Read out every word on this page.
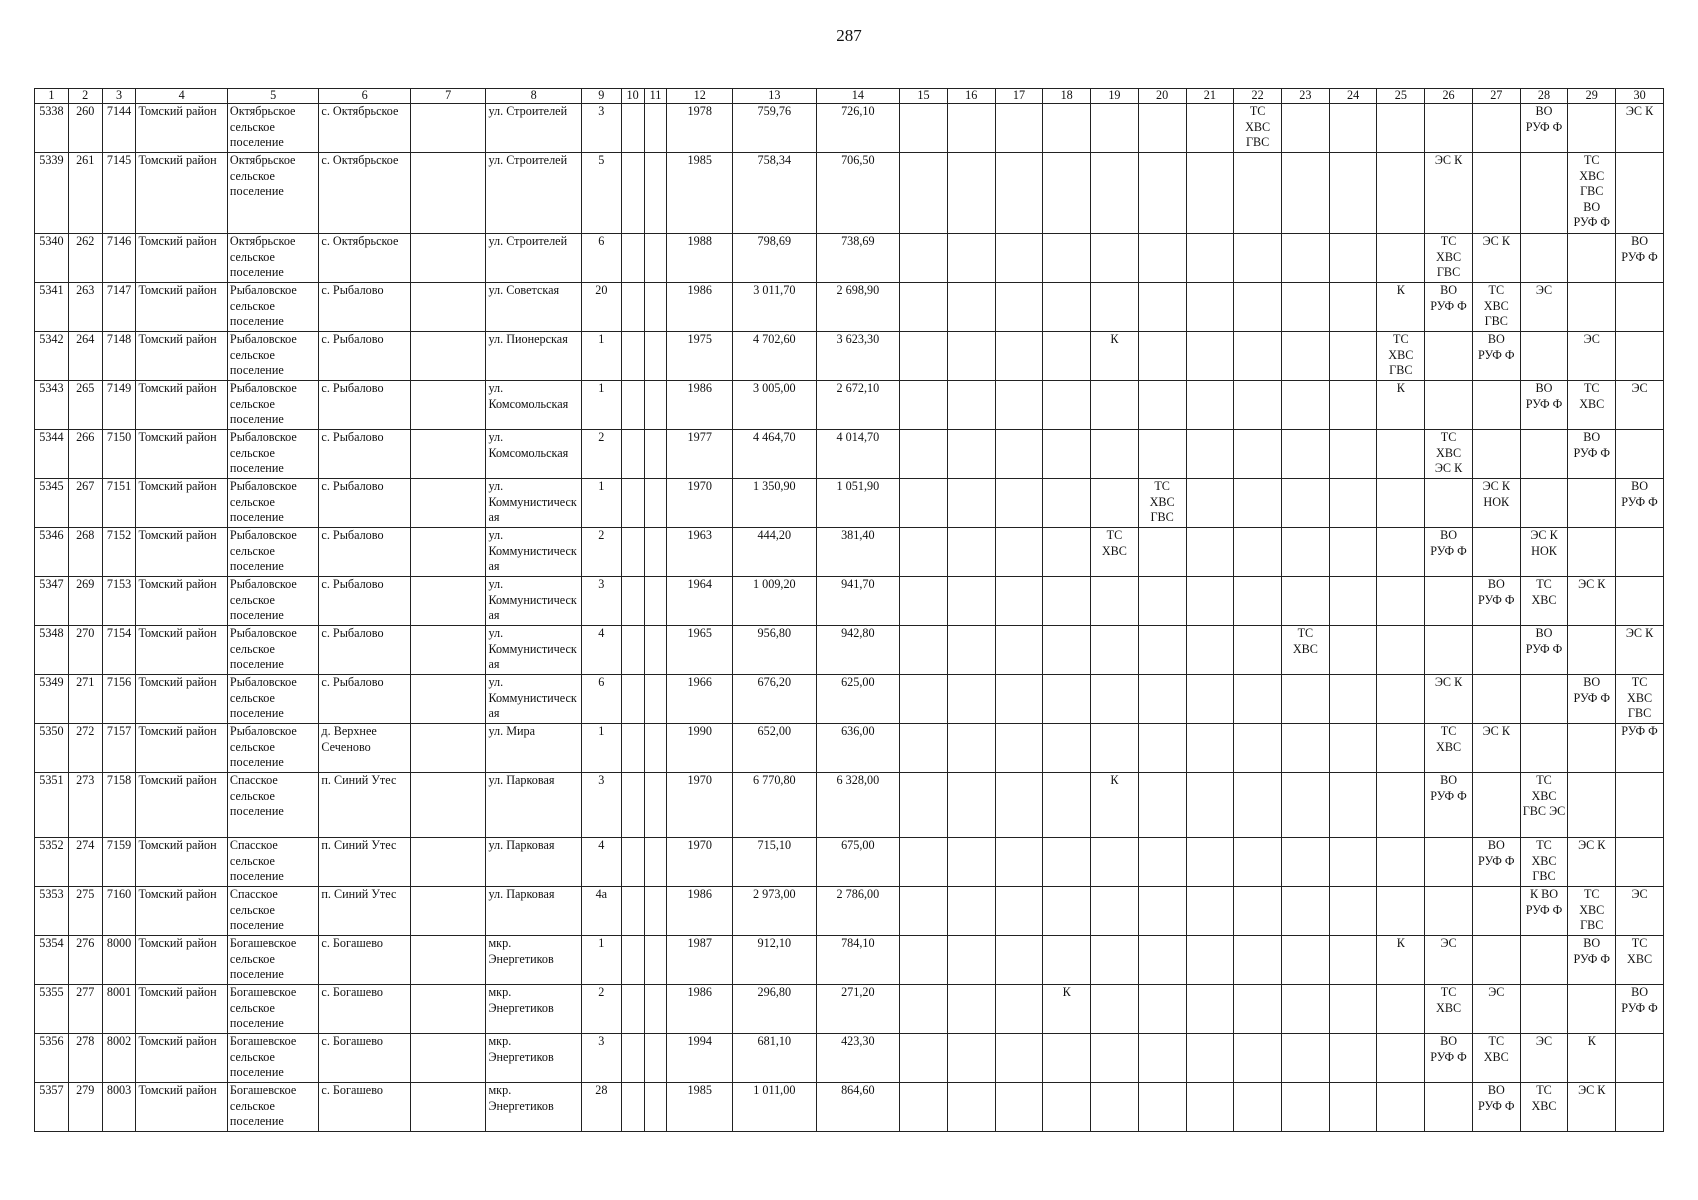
287
1	2	3	4	5	6	7	8	9	10	11	12	13	14	15	16	17	18	19	20	21	22	23	24	25	26	27	28	29	30
5338	260	7144	Томский район	Октябрьское сельское поселение	с. Октябрьское		ул. Строителей	3			1978	759,76	726,10								ТС ХВС ГВС						ВО РУФ Ф		ЭС К
5339	261	7145	Томский район	Октябрьское сельское поселение	с. Октябрьское		ул. Строителей	5			1985	758,34	706,50												ЭС К			ТС ХВС ГВС ВО РУФ Ф	
5340	262	7146	Томский район	Октябрьское сельское поселение	с. Октябрьское		ул. Строителей	6			1988	798,69	738,69												ТС ХВС ГВС	ЭС К			ВО РУФ Ф
5341	263	7147	Томский район	Рыбаловское сельское поселение	с. Рыбалово		ул. Советская	20			1986	3 011,70	2 698,90											К	ВО РУФ Ф	ТС ХВС ГВС	ЭС		
5342	264	7148	Томский район	Рыбаловское сельское поселение	с. Рыбалово		ул. Пионерская	1			1975	4 702,60	3 623,30					К						ТС ХВС ГВС		ВО РУФ Ф		ЭС	
5343	265	7149	Томский район	Рыбаловское сельское поселение	с. Рыбалово		ул. Комсомольская	1			1986	3 005,00	2 672,10											К			ВО РУФ Ф	ТС ХВС	ЭС
5344	266	7150	Томский район	Рыбаловское сельское поселение	с. Рыбалово		ул. Комсомольская	2			1977	4 464,70	4 014,70												ТС ХВС ЭС К			ВО РУФ Ф	
5345	267	7151	Томский район	Рыбаловское сельское поселение	с. Рыбалово		ул. Коммунистическая	1			1970	1 350,90	1 051,90						ТС ХВС ГВС							ЭС К НОК			ВО РУФ Ф
5346	268	7152	Томский район	Рыбаловское сельское поселение	с. Рыбалово		ул. Коммунистическая	2			1963	444,20	381,40					ТС ХВС							ВО РУФ Ф		ЭС К НОК		
5347	269	7153	Томский район	Рыбаловское сельское поселение	с. Рыбалово		ул. Коммунистическая	3			1964	1 009,20	941,70													ВО РУФ Ф	ТС ХВС	ЭС К	
5348	270	7154	Томский район	Рыбаловское сельское поселение	с. Рыбалово		ул. Коммунистическая	4			1965	956,80	942,80									ТС ХВС					ВО РУФ Ф		ЭС К
5349	271	7156	Томский район	Рыбаловское сельское поселение	с. Рыбалово		ул. Коммунистическая	6			1966	676,20	625,00												ЭС К			ВО РУФ Ф	ТС ХВС ГВС
5350	272	7157	Томский район	Рыбаловское сельское поселение	д. Верхнее Сеченово		ул. Мира	1			1990	652,00	636,00												ТС ХВС	ЭС К			РУФ Ф
5351	273	7158	Томский район	Спасское сельское поселение	п. Синий Утес		ул. Парковая	3			1970	6 770,80	6 328,00					К							ВО РУФ Ф		ТС ХВС ГВС ЭС		
5352	274	7159	Томский район	Спасское сельское поселение	п. Синий Утес		ул. Парковая	4			1970	715,10	675,00													ВО РУФ Ф	ТС ХВС ГВС	ЭС К	
5353	275	7160	Томский район	Спасское сельское поселение	п. Синий Утес		ул. Парковая	4а			1986	2 973,00	2 786,00														К ВО РУФ Ф	ТС ХВС ГВС	ЭС
5354	276	8000	Томский район	Богашевское сельское поселение	с. Богашево		мкр. Энергетиков	1			1987	912,10	784,10											К	ЭС			ВО РУФ Ф	ТС ХВС
5355	277	8001	Томский район	Богашевское сельское поселение	с. Богашево		мкр. Энергетиков	2			1986	296,80	271,20				К								ТС ХВС	ЭС			ВО РУФ Ф
5356	278	8002	Томский район	Богашевское сельское поселение	с. Богашево		мкр. Энергетиков	3			1994	681,10	423,30												ВО РУФ Ф	ТС ХВС	ЭС	К	
5357	279	8003	Томский район	Богашевское сельское поселение	с. Богашево		мкр. Энергетиков	28			1985	1 011,00	864,60													ВО РУФ Ф	ТС ХВС	ЭС К	
